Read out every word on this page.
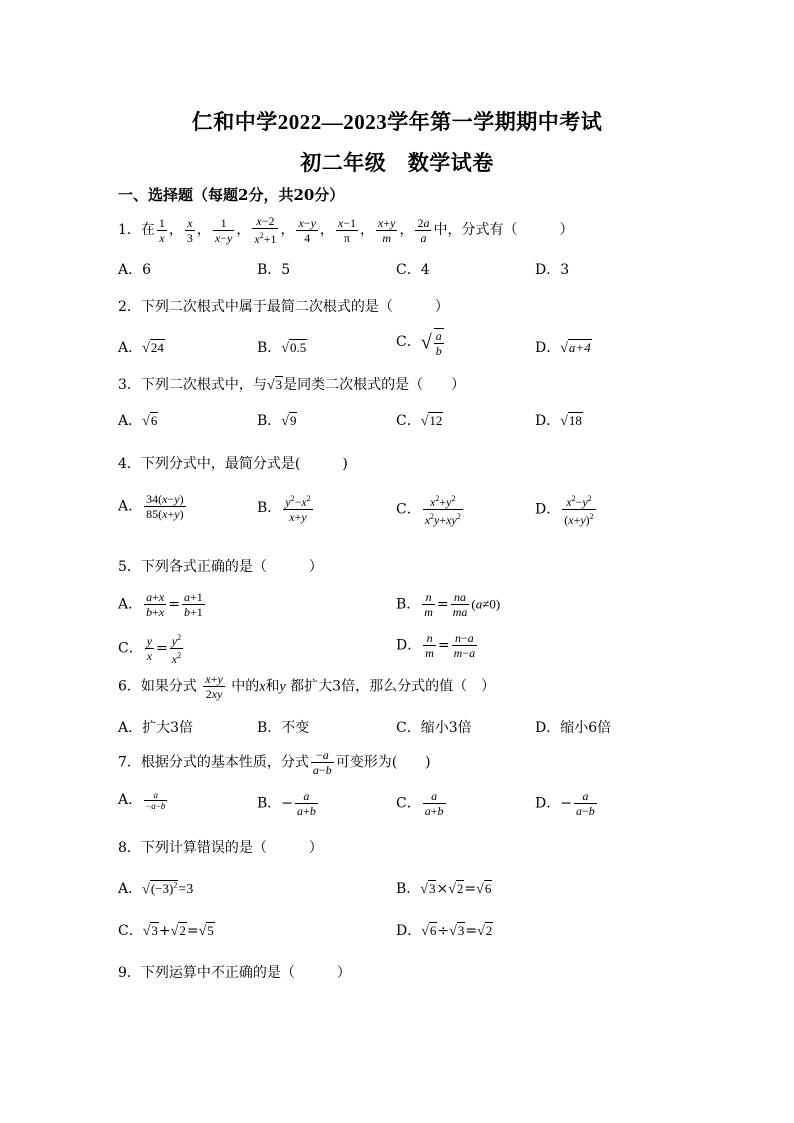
仁和中学2022—2023学年第一学期期中考试
初二年级　数学试卷
一、选择题（每题2分，共20分）
1．在 $\frac{1}{x}$ ， $\frac{x}{3}$ ， $\frac{1}{x-y}$ ， $\frac{x-2}{x^2+1}$ ， $\frac{x-y}{4}$ ， $\frac{x-1}{\pi}$ ， $\frac{x+y}{m}$ ， $\frac{2a}{a}$ 中，分式有（　　　）
A．6	B．5	C．4	D．3
2．下列二次根式中属于最简二次根式的是（　　　）
A．√24	B．√0.5	C．√ $\frac{a}{b}$	D．√a+4
3．下列二次根式中，与√3是同类二次根式的是（　　）
A．√6	B．√9	C．√12	D．√18
4．下列分式中，最简分式是(　　　)
A． $\frac{34(x-y)}{85(x+y)}$	B． $\frac{y^2-x^2}{x+y}$	C． $\frac{x^2+y^2}{x^2y+xy^2}$	D． $\frac{x^2-y^2}{(x+y)^2}$
5．下列各式正确的是（　　　）
A． $\frac{a+x}{b+x} = \frac{a+1}{b+1}$	B． $\frac{n}{m} = \frac{na}{ma} (a\ne 0)$
C． $\frac{y}{x} = \frac{y^2}{x^2}$	D． $\frac{n}{m} = \frac{n-a}{m-a}$
6．如果分式 $\frac{x+y}{2xy}$ 中的x和y 都扩大3倍，那么分式的值（　）
A．扩大3倍	B．不变	C．缩小3倍	D．缩小6倍
7．根据分式的基本性质，分式 $\frac{-a}{a-b}$ 可变形为(　　)
A． $\frac{a}{-a-b}$	B．− $\frac{a}{a+b}$	C． $\frac{a}{a+b}$	D．− $\frac{a}{a-b}$
8．下列计算错误的是（　　　）
A．$√(-3)^2=3$	B．√3×√2=√6
C．√3+√2=√5	D．√6÷√3=√2
9．下列运算中不正确的是（　　　）
